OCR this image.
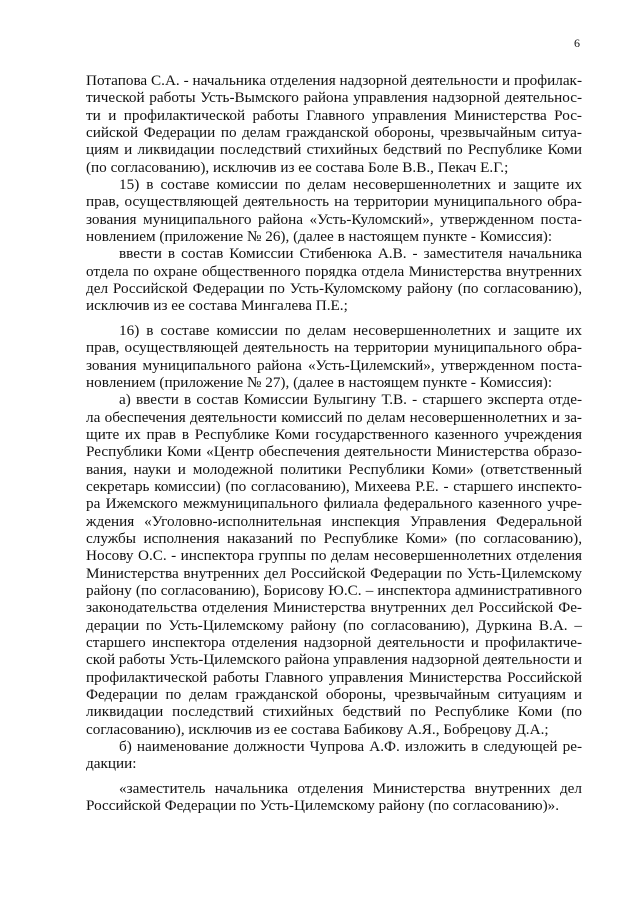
6
Потапова С.А. - начальника отделения надзорной деятельности и профилак-
тической работы Усть-Вымского района управления надзорной деятельнос-
ти и профилактической работы Главного управления Министерства Рос-
сийской Федерации по делам гражданской обороны, чрезвычайным ситуа-
циям и ликвидации последствий стихийных бедствий по Республике Коми
(по согласованию), исключив из ее состава Боле В.В., Пекач Е.Г.;
15) в составе комиссии по делам несовершеннолетних и защите их
прав, осуществляющей деятельность на территории муниципального обра-
зования муниципального района «Усть-Куломский», утвержденном поста-
новлением (приложение № 26), (далее в настоящем пункте - Комиссия):
ввести в состав Комиссии Стибенюка А.В. - заместителя начальника
отдела по охране общественного порядка отдела Министерства внутренних
дел Российской Федерации по Усть-Куломскому району (по согласованию),
исключив из ее состава Мингалева П.Е.;
16) в составе комиссии по делам несовершеннолетних и защите их
прав, осуществляющей деятельность на территории муниципального обра-
зования муниципального района «Усть-Цилемский», утвержденном поста-
новлением (приложение № 27), (далее в настоящем пункте - Комиссия):
а) ввести в состав Комиссии Булыгину Т.В. - старшего эксперта отде-
ла обеспечения деятельности комиссий по делам несовершеннолетних и за-
щите их прав в Республике Коми государственного казенного учреждения
Республики Коми «Центр обеспечения деятельности Министерства образо-
вания, науки и молодежной политики Республики Коми» (ответственный
секретарь комиссии) (по согласованию), Михеева Р.Е. - старшего инспекто-
ра Ижемского межмуниципального филиала федерального казенного учре-
ждения «Уголовно-исполнительная инспекция Управления Федеральной
службы исполнения наказаний по Республике Коми» (по согласованию),
Носову О.С. - инспектора группы по делам несовершеннолетних отделения
Министерства внутренних дел Российской Федерации по Усть-Цилемскому
району (по согласованию), Борисову Ю.С. – инспектора административного
законодательства отделения Министерства внутренних дел Российской Фе-
дерации по Усть-Цилемскому району (по согласованию), Дуркина В.А. –
старшего инспектора отделения надзорной деятельности и профилактиче-
ской работы Усть-Цилемского района управления надзорной деятельности и
профилактической работы Главного управления Министерства Российской
Федерации по делам гражданской обороны, чрезвычайным ситуациям и
ликвидации последствий стихийных бедствий по Республике Коми (по
согласованию), исключив из ее состава Бабикову А.Я., Бобрецову Д.А.;
б) наименование должности Чупрова А.Ф. изложить в следующей ре-
дакции:
«заместитель начальника отделения Министерства внутренних дел
Российской Федерации по Усть-Цилемскому району (по согласованию)».
